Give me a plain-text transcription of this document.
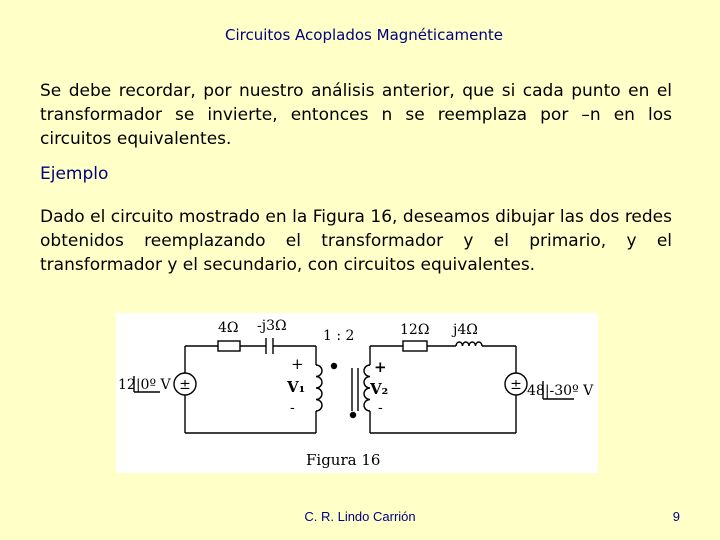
Circuitos Acoplados Magnéticamente
Se debe recordar, por nuestro análisis anterior, que si cada punto en el transformador se invierte, entonces n se reemplaza por –n en los circuitos equivalentes.
Ejemplo
Dado el circuito mostrado en la Figura 16, deseamos dibujar las dos redes obtenidos reemplazando el transformador y el primario, y el transformador y el secundario, con circuitos equivalentes.
±	±
4Ω -j3Ω
1 : 2	12Ω j4Ω
12|0º V	48|-30º V
+
V₁
-
+
V₂
-
Figura 16
C. R. Lindo Carrión	9
